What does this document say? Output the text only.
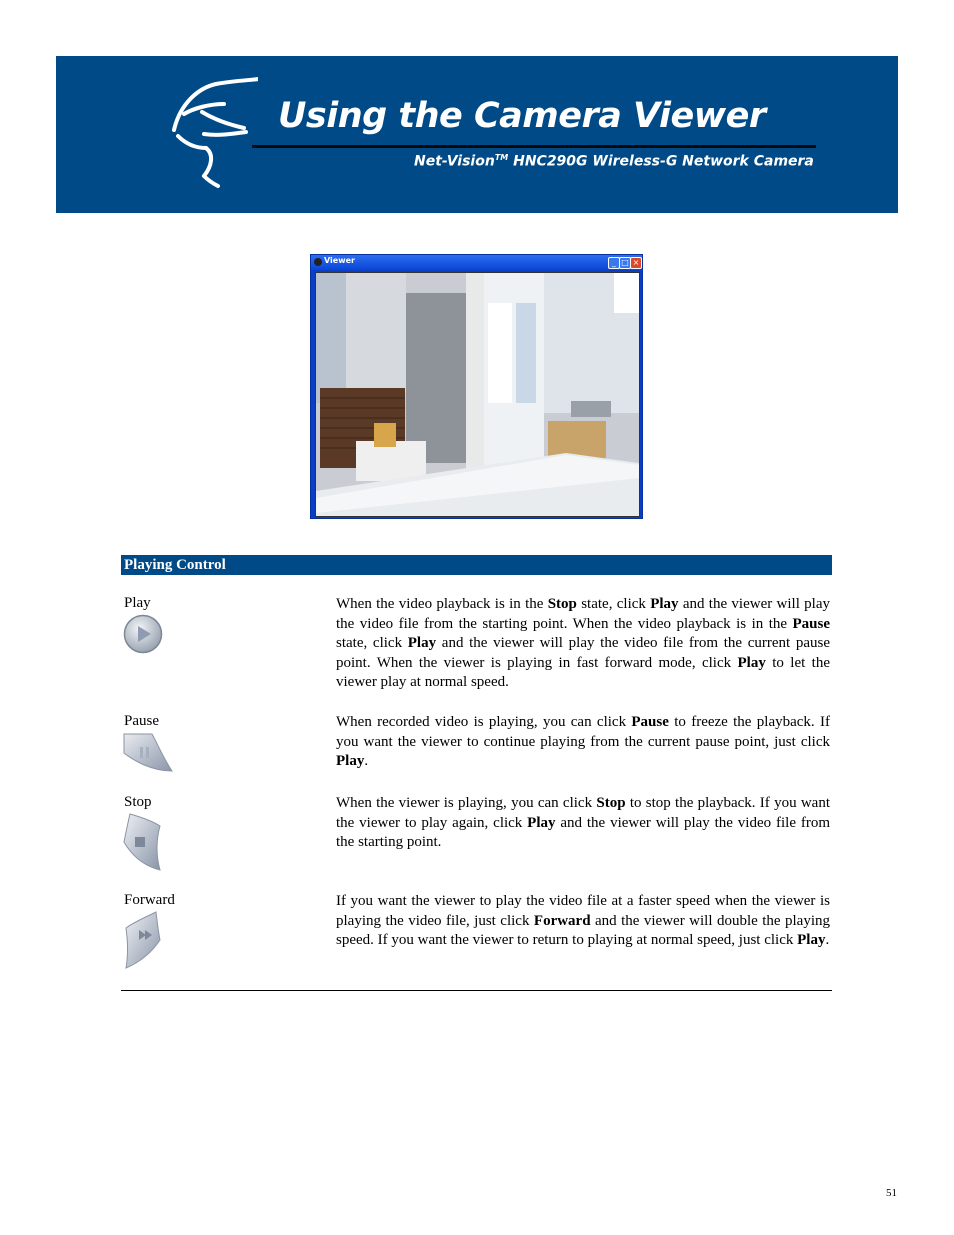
Using the Camera Viewer
Net-Vision™ HNC290G Wireless-G Network Camera
Viewer	_ □ ×
Playing Control
Play	When the video playback is in the Stop state, click Play and the viewer will play the video file from the starting point. When the video playback is in the Pause state, click Play and the viewer will play the video file from the current pause point. When the viewer is playing in fast forward mode, click Play to let the viewer play at normal speed.
Pause	When recorded video is playing, you can click Pause to freeze the playback. If you want the viewer to continue playing from the current pause point, just click Play.
Stop	When the viewer is playing, you can click Stop to stop the playback. If you want the viewer to play again, click Play and the viewer will play the video file from the starting point.
Forward	If you want the viewer to play the video file at a faster speed when the viewer is playing the video file, just click Forward and the viewer will double the playing speed. If you want the viewer to return to playing at normal speed, just click Play.
51
